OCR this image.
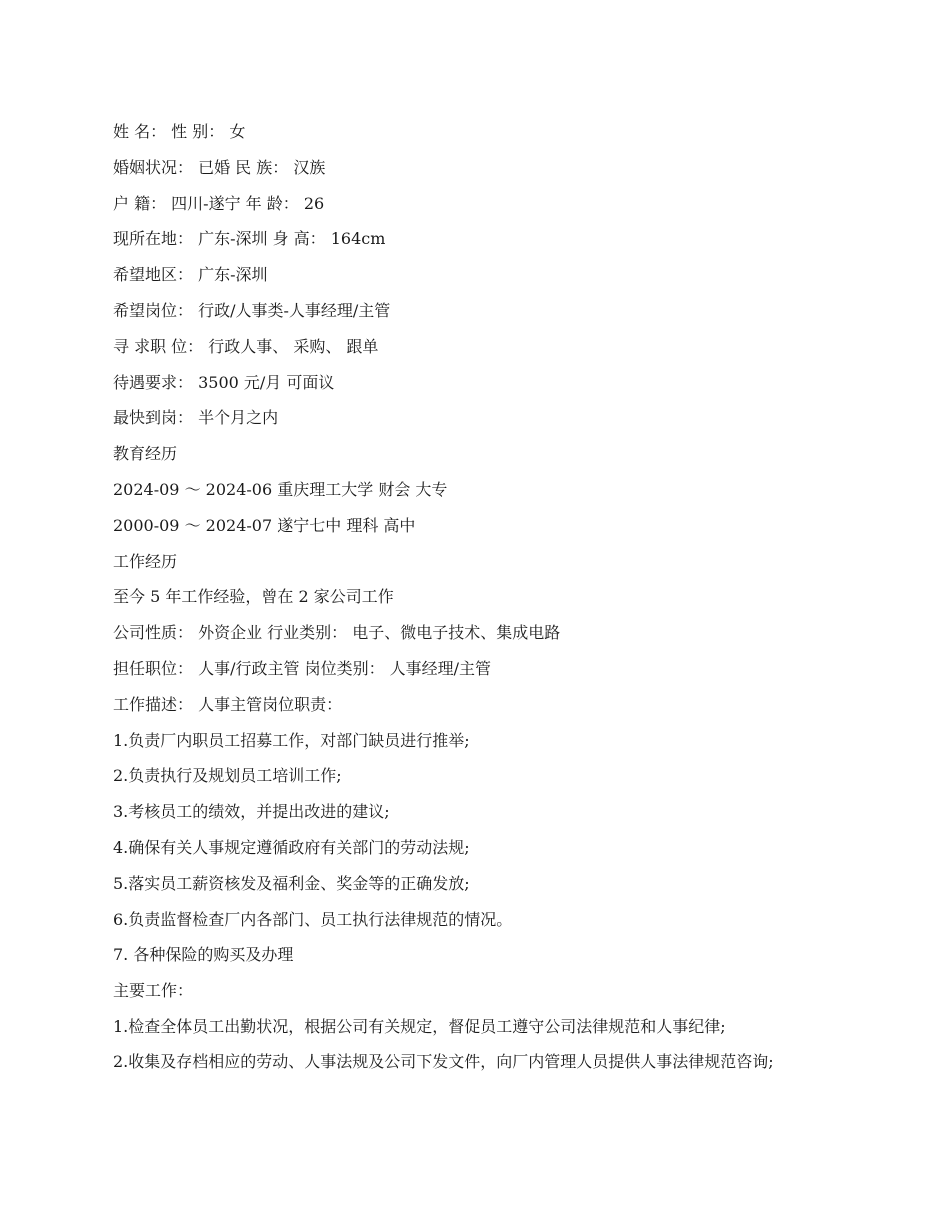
姓 名： 性 别： 女
婚姻状况： 已婚 民 族： 汉族
户 籍： 四川-遂宁 年 龄： 26
现所在地： 广东-深圳 身 高： 164cm
希望地区： 广东-深圳
希望岗位： 行政/人事类-人事经理/主管
寻 求职 位： 行政人事、 采购、 跟单
待遇要求： 3500 元/月 可面议
最快到岗： 半个月之内
教育经历
2024-09 ～ 2024-06 重庆理工大学 财会 大专
2000-09 ～ 2024-07 遂宁七中 理科 高中
工作经历
至今 5 年工作经验，曾在 2 家公司工作
公司性质： 外资企业 行业类别： 电子、微电子技术、集成电路
担任职位： 人事/行政主管 岗位类别： 人事经理/主管
工作描述： 人事主管岗位职责：
1.负责厂内职员工招募工作，对部门缺员进行推举;
2.负责执行及规划员工培训工作;
3.考核员工的绩效，并提出改进的建议;
4.确保有关人事规定遵循政府有关部门的劳动法规;
5.落实员工薪资核发及福利金、奖金等的正确发放;
6.负责监督检查厂内各部门、员工执行法律规范的情况。
7. 各种保险的购买及办理
主要工作：
1.检查全体员工出勤状况，根据公司有关规定，督促员工遵守公司法律规范和人事纪律;
2.收集及存档相应的劳动、人事法规及公司下发文件，向厂内管理人员提供人事法律规范咨询;
